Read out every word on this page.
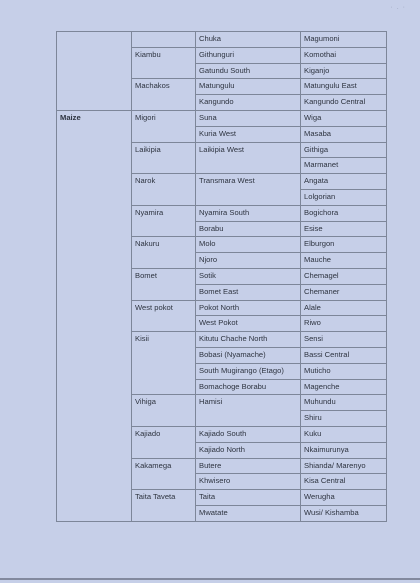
· . ·
		Chuka	Magumoni
	Kiambu	Githunguri	Komothai
		Gatundu South	Kiganjo
	Machakos	Matungulu	Matungulu East
		Kangundo	Kangundo Central
Maize	Migori	Suna	Wiga
		Kuria West	Masaba
	Laikipia	Laikipia West	Githiga
			Marmanet
	Narok	Transmara West	Angata
			Lolgorian
	Nyamira	Nyamira South	Bogichora
		Borabu	Esise
	Nakuru	Molo	Elburgon
		Njoro	Mauche
	Bomet	Sotik	Chemagel
		Bomet East	Chemaner
	West pokot	Pokot North	Alale
		West Pokot	Riwo
	Kisii	Kitutu Chache North	Sensi
		Bobasi (Nyamache)	Bassi Central
		South Mugirango (Etago)	Muticho
		Bomachoge Borabu	Magenche
	Vihiga	Hamisi	Muhundu
			Shiru
	Kajiado	Kajiado South	Kuku
		Kajiado North	Nkaimurunya
	Kakamega	Butere	Shianda/ Marenyo
		Khwisero	Kisa Central
	Taita Taveta	Taita	Werugha
		Mwatate	Wusi/ Kishamba
